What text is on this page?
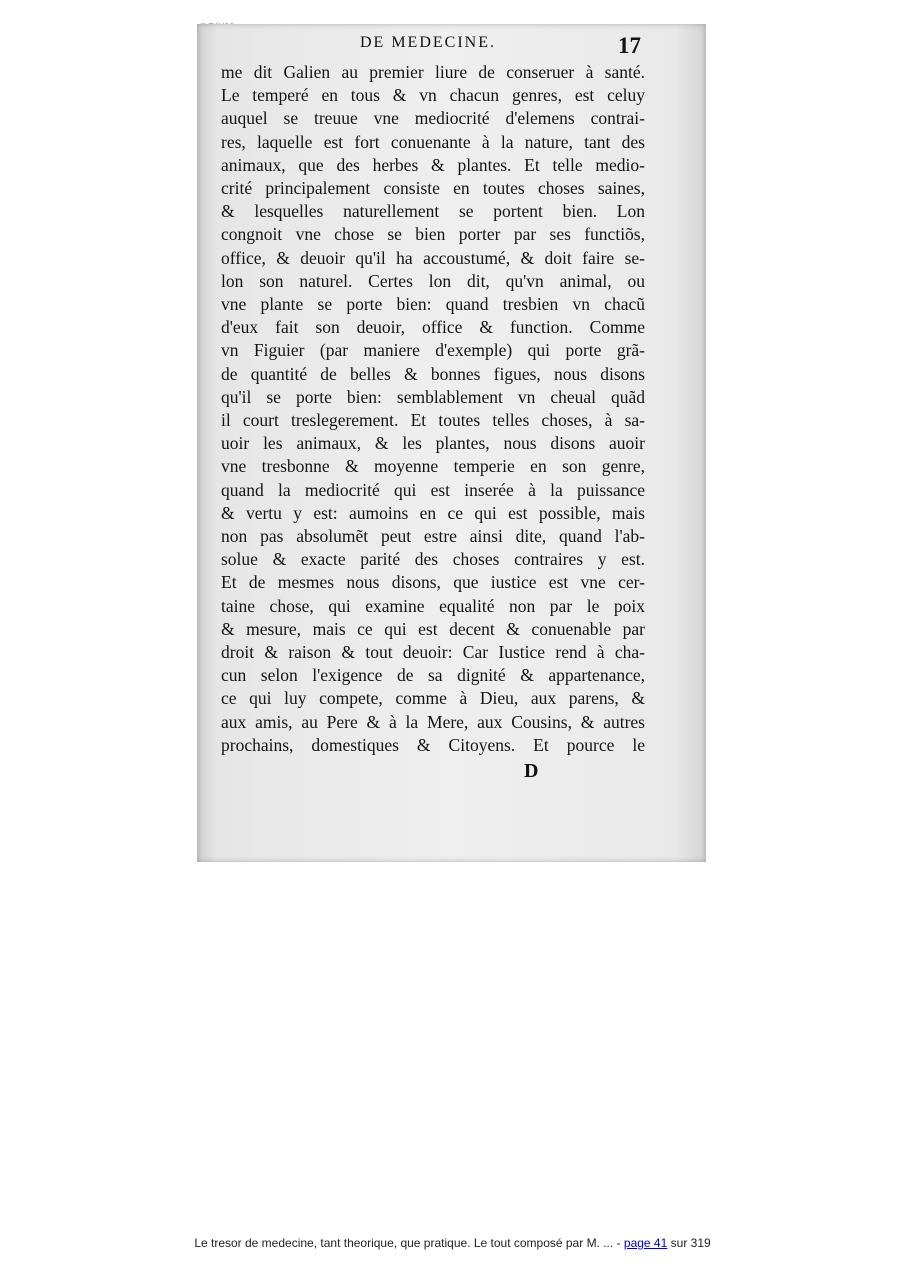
DE MEDECINE.	17
me dit Galien au premier liure de conseruer à santé.
Le temperé en tous & vn chacun genres, est celuy
auquel se treuue vne mediocrité d'elemens contrai-
res, laquelle est fort conuenante à la nature, tant des
animaux, que des herbes & plantes. Et telle medio-
crité principalement consiste en toutes choses saines,
& lesquelles naturellement se portent bien. Lon
congnoit vne chose se bien porter par ses functiõs,
office, & deuoir qu'il ha accoustumé, & doit faire se-
lon son naturel. Certes lon dit, qu'vn animal, ou
vne plante se porte bien: quand tresbien vn chacũ
d'eux fait son deuoir, office & function. Comme
vn Figuier (par maniere d'exemple) qui porte grã-
de quantité de belles & bonnes figues, nous disons
qu'il se porte bien: semblablement vn cheual quãd
il court treslegerement. Et toutes telles choses, à sa-
uoir les animaux, & les plantes, nous disons auoir
vne tresbonne & moyenne temperie en son genre,
quand la mediocrité qui est inserée à la puissance
& vertu y est: aumoins en ce qui est possible, mais
non pas absolumẽt peut estre ainsi dite, quand l'ab-
solue & exacte parité des choses contraires y est.
Et de mesmes nous disons, que iustice est vne cer-
taine chose, qui examine equalité non par le poix
& mesure, mais ce qui est decent & conuenable par
droit & raison & tout deuoir: Car Iustice rend à cha-
cun selon l'exigence de sa dignité & appartenance,
ce qui luy compete, comme à Dieu, aux parens, &
aux amis, au Pere & à la Mere, aux Cousins, & autres
prochains, domestiques & Citoyens. Et pource le
D
Le tresor de medecine, tant theorique, que pratique. Le tout composé par M. ... - page 41 sur 319
